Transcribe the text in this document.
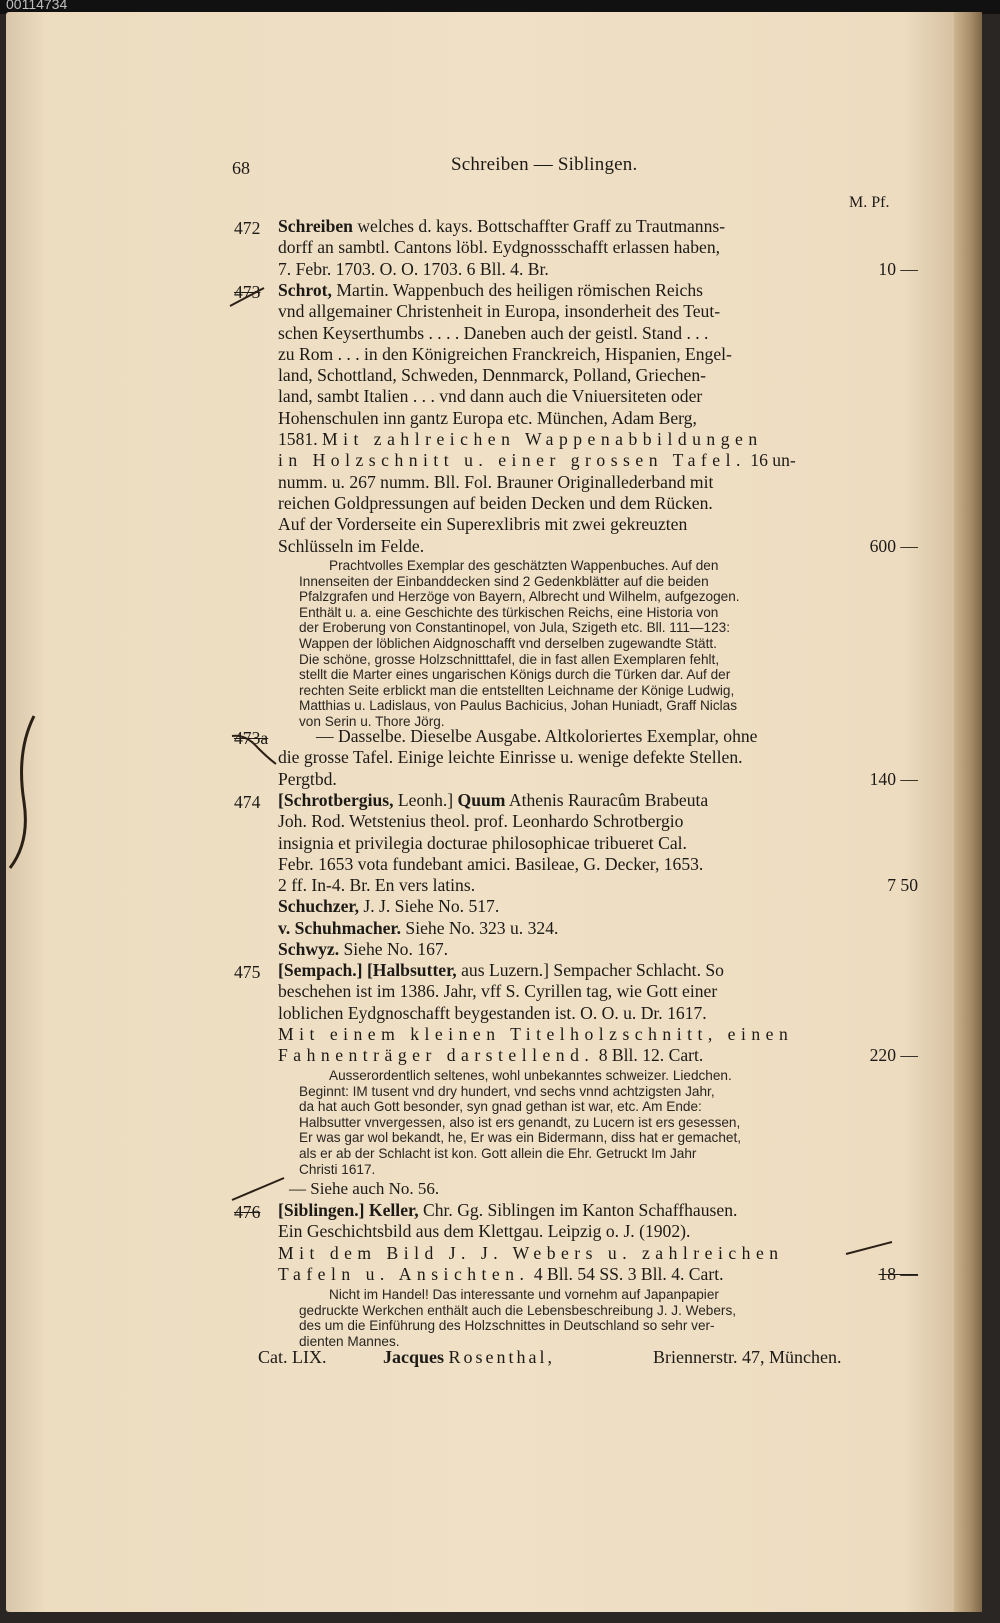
00114734
68	Schreiben — Siblingen.
M. Pf.
472 Schreiben welches d. kays. Bottschaffter Graff zu Trautmanns-
dorff an sambtl. Cantons löbl. Eydgnossschafft erlassen haben,
7. Febr. 1703. O. O. 1703. 6 Bll. 4. Br.	10 —
473 Schrot, Martin. Wappenbuch des heiligen römischen Reichs
vnd allgemainer Christenheit in Europa, insonderheit des Teut-
schen Keyserthumbs . . . . Daneben auch der geistl. Stand . . .
zu Rom . . . in den Königreichen Franckreich, Hispanien, Engel-
land, Schottland, Schweden, Dennmarck, Polland, Griechen-
land, sambt Italien . . . vnd dann auch die Vniuersiteten oder
Hohenschulen inn gantz Europa etc. München, Adam Berg,
1581. Mit zahlreichen Wappenabbildungen
in Holzschnitt u. einer grossen Tafel. 16 un-
numm. u. 267 numm. Bll. Fol. Brauner Originallederband mit
reichen Goldpressungen auf beiden Decken und dem Rücken.
Auf der Vorderseite ein Superexlibris mit zwei gekreuzten
Schlüsseln im Felde.	600 —
Prachtvolles Exemplar des geschätzten Wappenbuches. Auf den
Innenseiten der Einbanddecken sind 2 Gedenkblätter auf die beiden
Pfalzgrafen und Herzöge von Bayern, Albrecht und Wilhelm, aufgezogen.
Enthält u. a. eine Geschichte des türkischen Reichs, eine Historia von
der Eroberung von Constantinopel, von Jula, Szigeth etc. Bll. 111—123:
Wappen der löblichen Aidgnoschafft vnd derselben zugewandte Stätt.
Die schöne, grosse Holzschnitttafel, die in fast allen Exemplaren fehlt,
stellt die Marter eines ungarischen Königs durch die Türken dar. Auf der
rechten Seite erblickt man die entstellten Leichname der Könige Ludwig,
Matthias u. Ladislaus, von Paulus Bachicius, Johan Huniadt, Graff Niclas
von Serin u. Thore Jörg.
473a	— Dasselbe. Dieselbe Ausgabe. Altkoloriertes Exemplar, ohne
die grosse Tafel. Einige leichte Einrisse u. wenige defekte Stellen.
Pergtbd.	140 —
474 [Schrotbergius, Leonh.] Quum Athenis Rauracûm Brabeuta
Joh. Rod. Wetstenius theol. prof. Leonhardo Schrotbergio
insignia et privilegia docturae philosophicae tribueret Cal.
Febr. 1653 vota fundebant amici. Basileae, G. Decker, 1653.
2 ff. In-4. Br. En vers latins.	7 50
Schuchzer, J. J. Siehe No. 517.
v. Schuhmacher. Siehe No. 323 u. 324.
Schwyz. Siehe No. 167.
475 [Sempach.] [Halbsutter, aus Luzern.] Sempacher Schlacht. So
beschehen ist im 1386. Jahr, vff S. Cyrillen tag, wie Gott einer
loblichen Eydgnoschafft beygestanden ist. O. O. u. Dr. 1617.
Mit einem kleinen Titelholzschnitt, einen
Fahnenträger darstellend. 8 Bll. 12. Cart.	220 —
Ausserordentlich seltenes, wohl unbekanntes schweizer. Liedchen.
Beginnt: IM tusent vnd dry hundert, vnd sechs vnnd achtzigsten Jahr,
da hat auch Gott besonder, syn gnad gethan ist war, etc. Am Ende:
Halbsutter vnvergessen, also ist ers genandt, zu Lucern ist ers gesessen,
Er was gar wol bekandt, he, Er was ein Bidermann, diss hat er gemachet,
als er ab der Schlacht ist kon. Gott allein die Ehr. Getruckt Im Jahr
Christi 1617.
— Siehe auch No. 56.
476 [Siblingen.] Keller, Chr. Gg. Siblingen im Kanton Schaffhausen.
Ein Geschichtsbild aus dem Klettgau. Leipzig o. J. (1902).
Mit dem Bild J. J. Webers u. zahlreichen
Tafeln u. Ansichten. 4 Bll. 54 SS. 3 Bll. 4. Cart.	18 —
Nicht im Handel! Das interessante und vornehm auf Japanpapier
gedruckte Werkchen enthält auch die Lebensbeschreibung J. J. Webers,
des um die Einführung des Holzschnittes in Deutschland so sehr ver-
dienten Mannes.
Cat. LIX.	Jacques Rosenthal,	Briennerstr. 47, München.
